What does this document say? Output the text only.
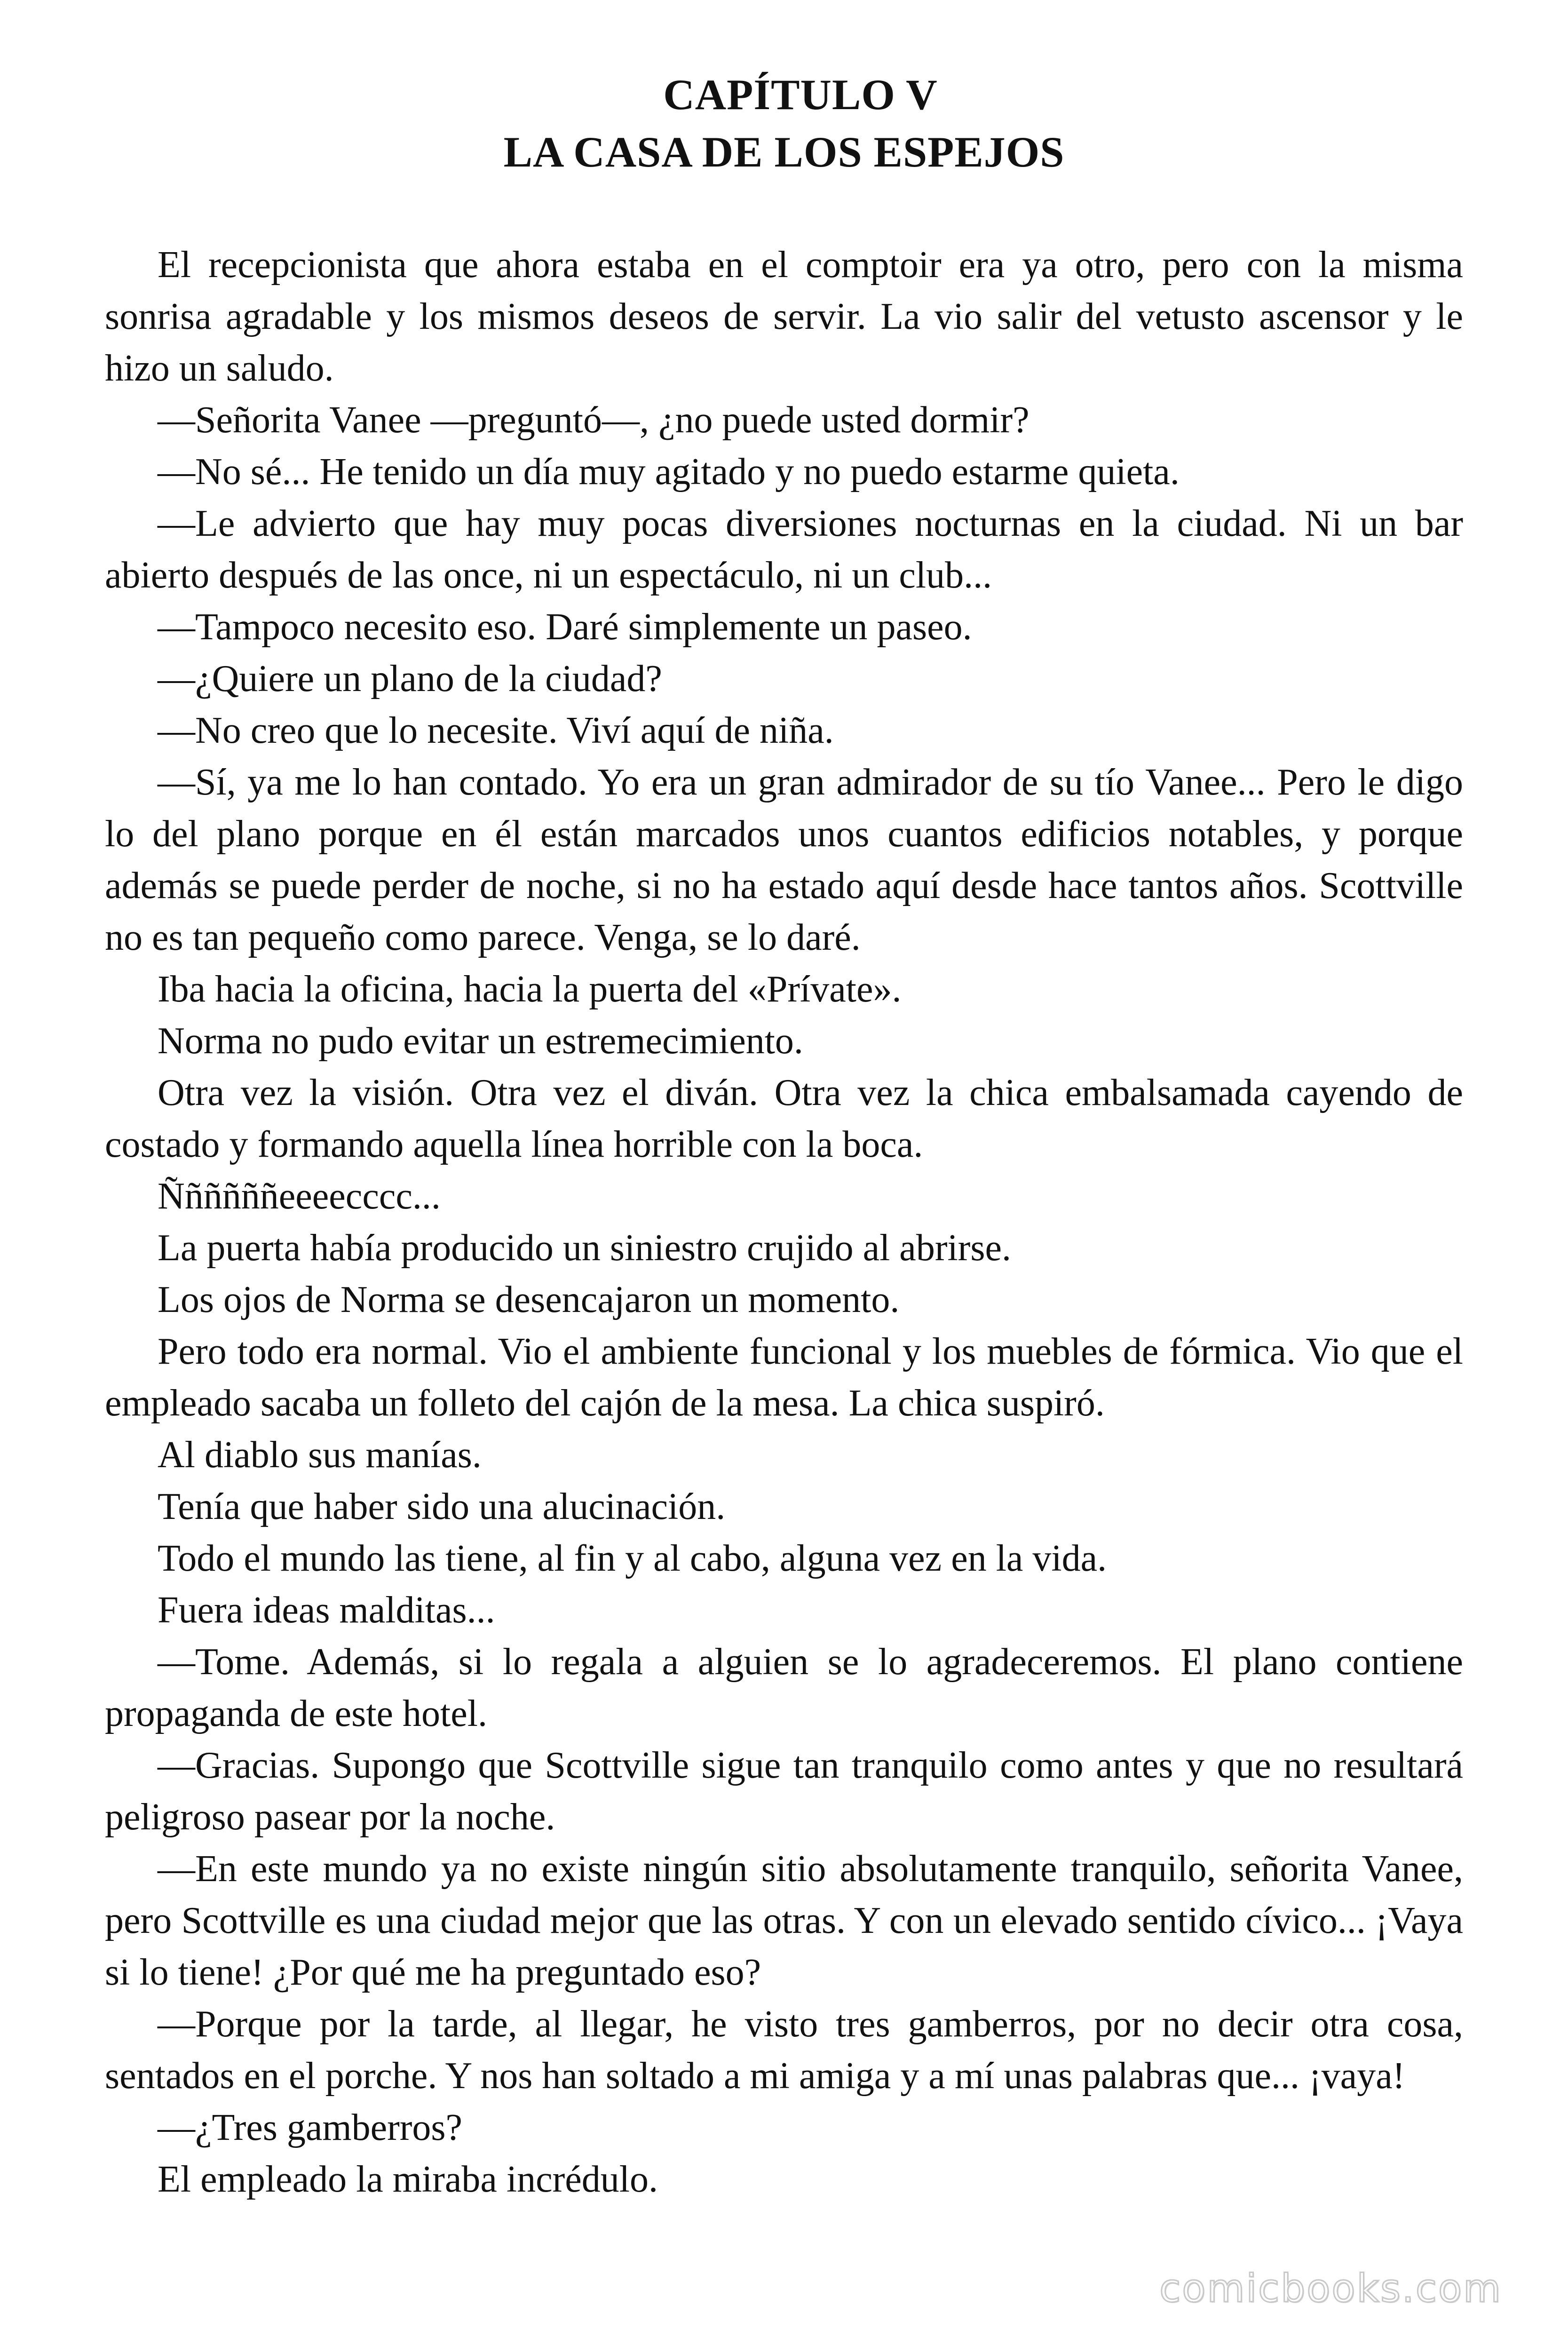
CAPÍTULO V

LA CASA DE LOS ESPEJOS

El recepcionista que ahora estaba en el comptoir era ya otro, pero con la misma sonrisa agradable y los mismos deseos de servir. La vio salir del vetusto ascensor y le hizo un saludo.

—Señorita Vanee —preguntó—, ¿no puede usted dormir?

—No sé... He tenido un día muy agitado y no puedo estarme quieta.

—Le advierto que hay muy pocas diversiones nocturnas en la ciudad. Ni un bar abierto después de las once, ni un espectáculo, ni un club...

—Tampoco necesito eso. Daré simplemente un paseo.

—¿Quiere un plano de la ciudad?

—No creo que lo necesite. Viví aquí de niña.

—Sí, ya me lo han contado. Yo era un gran admirador de su tío Vanee... Pero le digo lo del plano porque en él están marcados unos cuantos edificios notables, y porque además se puede perder de noche, si no ha estado aquí desde hace tantos años. Scottville no es tan pequeño como parece. Venga, se lo daré.

Iba hacia la oficina, hacia la puerta del «Prívate».

Norma no pudo evitar un estremecimiento.

Otra vez la visión. Otra vez el diván. Otra vez la chica embalsamada cayendo de costado y formando aquella línea horrible con la boca.

Ññññññeeeecccc...

La puerta había producido un siniestro crujido al abrirse.

Los ojos de Norma se desencajaron un momento.

Pero todo era normal. Vio el ambiente funcional y los muebles de fórmica. Vio que el empleado sacaba un folleto del cajón de la mesa. La chica suspiró.

Al diablo sus manías.

Tenía que haber sido una alucinación.

Todo el mundo las tiene, al fin y al cabo, alguna vez en la vida.

Fuera ideas malditas...

—Tome. Además, si lo regala a alguien se lo agradeceremos. El plano contiene propaganda de este hotel.

—Gracias. Supongo que Scottville sigue tan tranquilo como antes y que no resultará peligroso pasear por la noche.

—En este mundo ya no existe ningún sitio absolutamente tranquilo, señorita Vanee, pero Scottville es una ciudad mejor que las otras. Y con un elevado sentido cívico... ¡Vaya si lo tiene! ¿Por qué me ha preguntado eso?

—Porque por la tarde, al llegar, he visto tres gamberros, por no decir otra cosa, sentados en el porche. Y nos han soltado a mi amiga y a mí unas palabras que... ¡vaya!

—¿Tres gamberros?

El empleado la miraba incrédulo.

comicbooks.com
